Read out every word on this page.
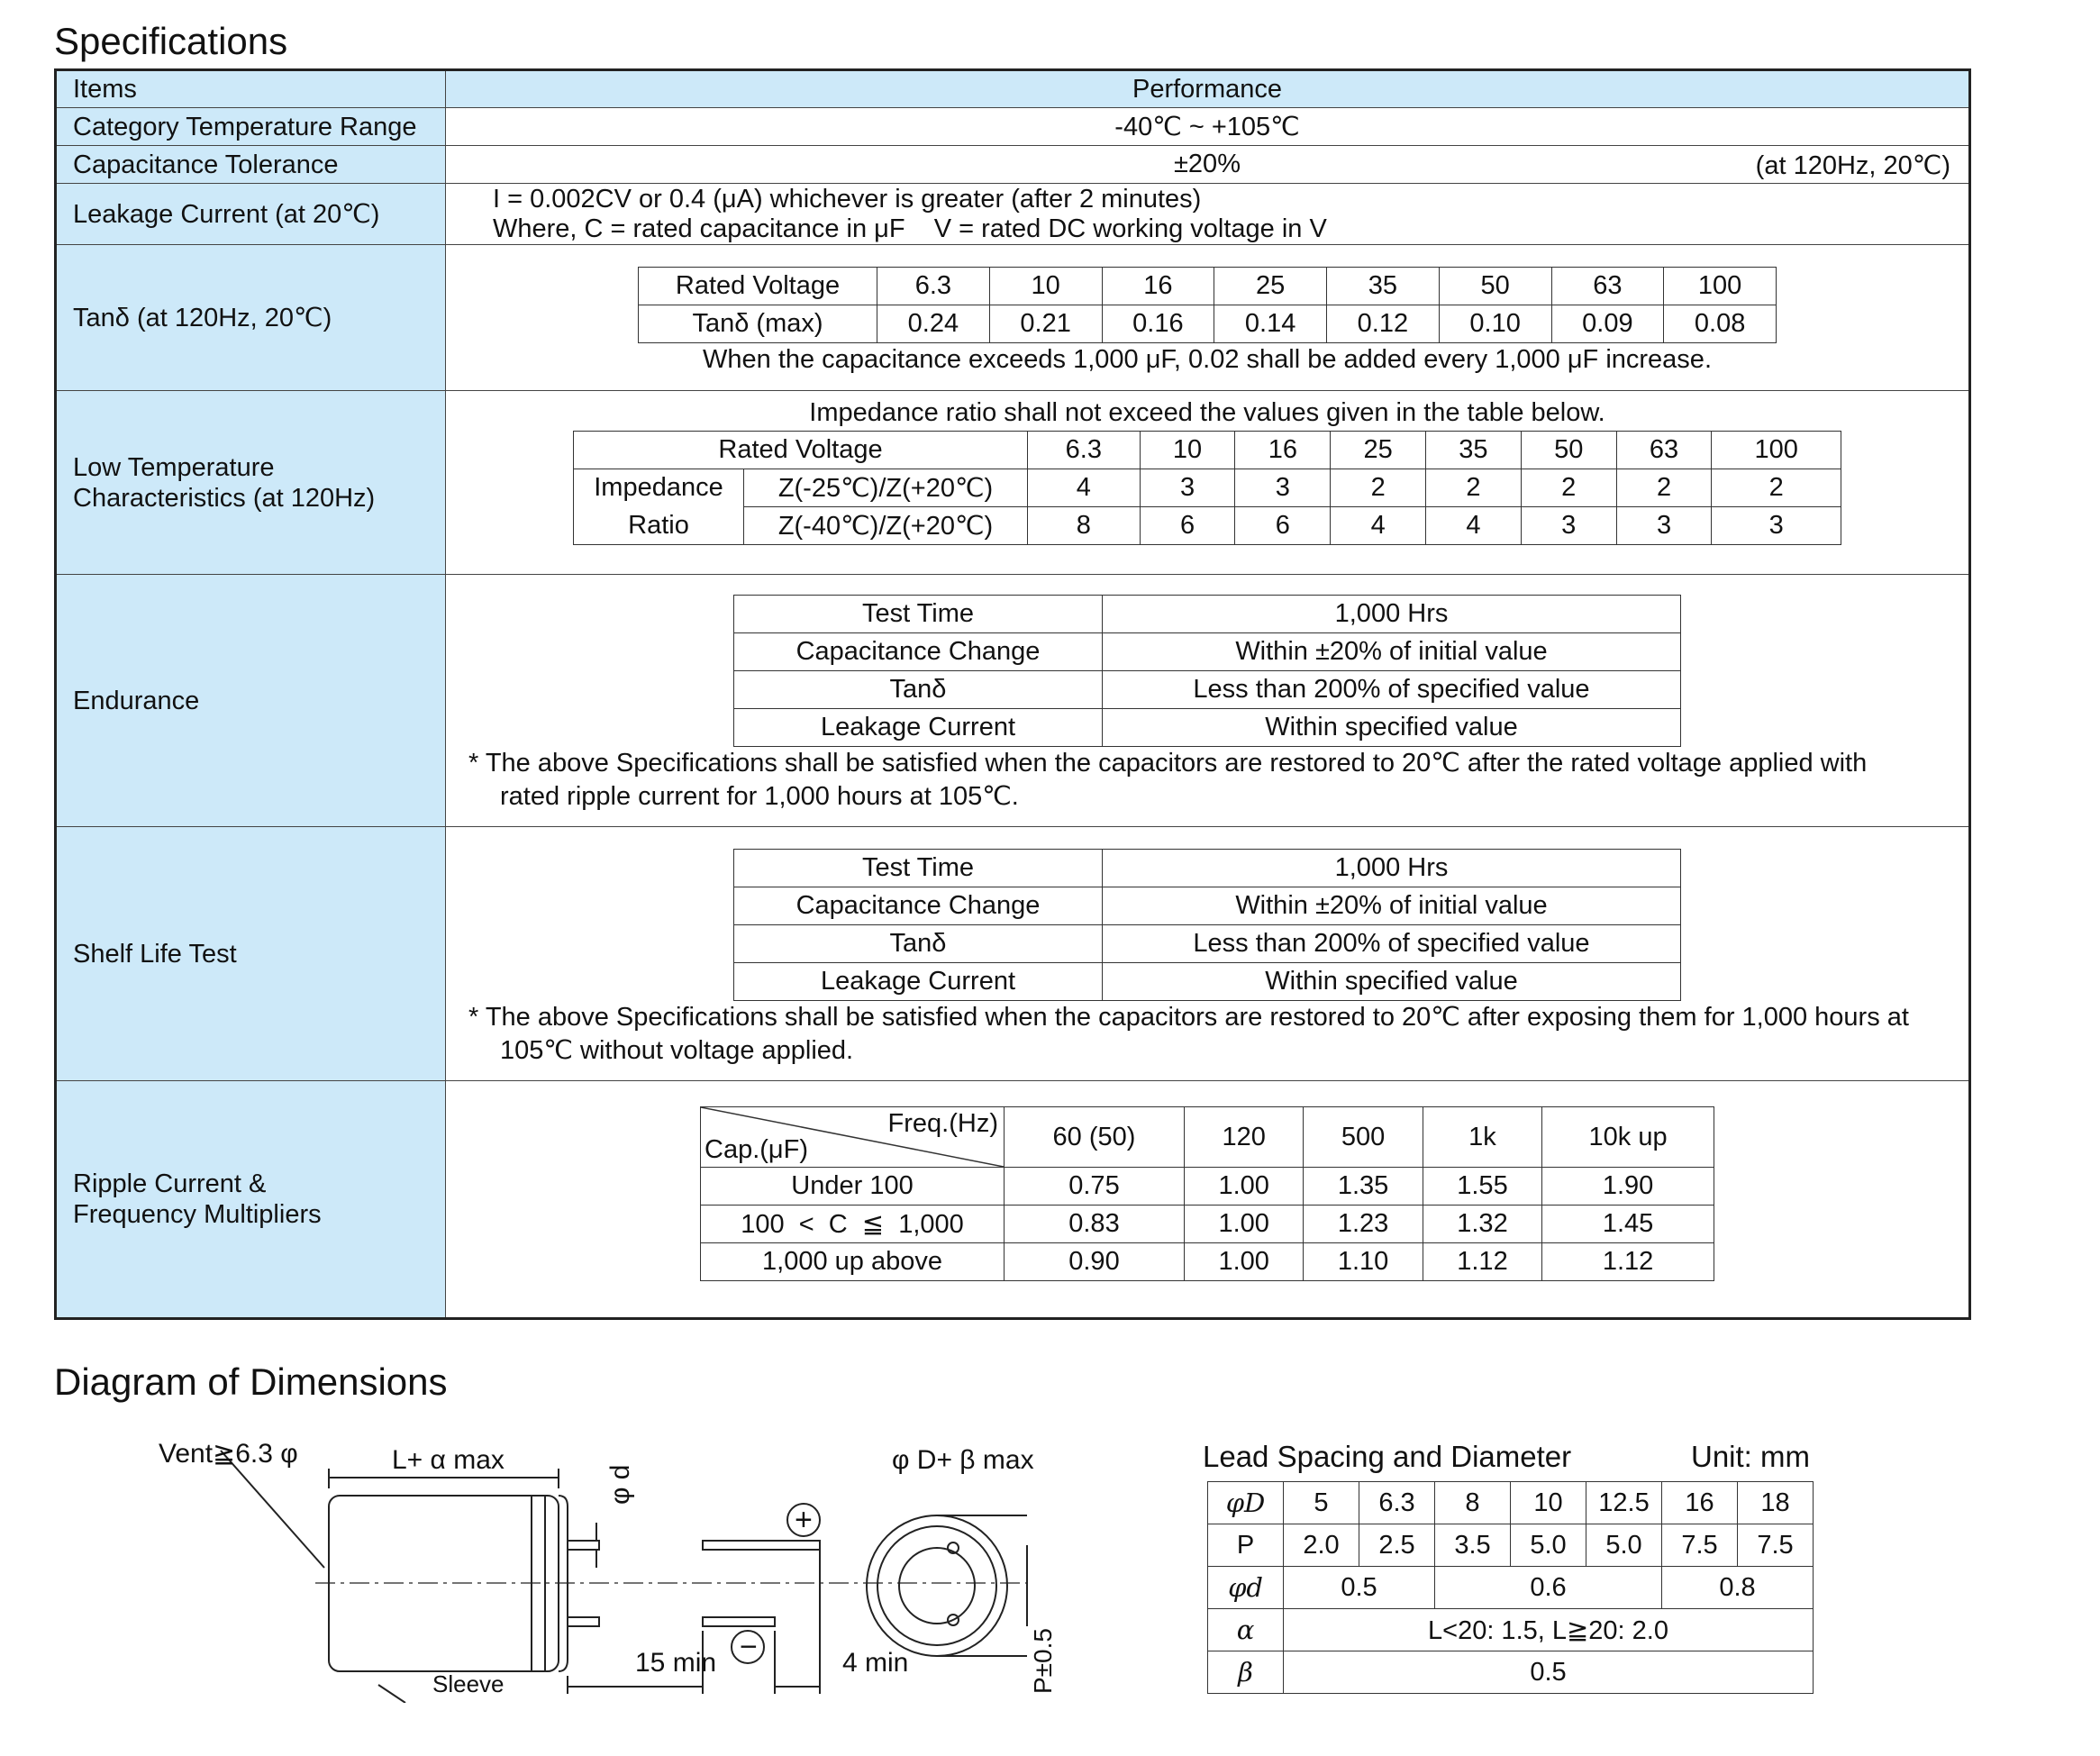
Specifications
Items	Performance
Category Temperature Range	-40℃ ~ +105℃
Capacitance Tolerance	±20%	(at 120Hz, 20℃)

Leakage Current (at 20℃)	
I = 0.002CV or 0.4 (μA) whichever is greater (after 2 minutes)
Where, C = rated capacitance in μF    V = rated DC working voltage in V

Tanδ (at 120Hz, 20℃)	
Rated Voltage	6.3	10	16	25	35	50	63	100
Tanδ (max)	0.24	0.21	0.16	0.14	0.12	0.10	0.09	0.08
When the capacitance exceeds 1,000 μF, 0.02 shall be added every 1,000 μF increase.

Low Temperature
Characteristics (at 120Hz)

Impedance ratio shall not exceed the values given in the table below.
Rated Voltage	6.3	10	16	25	35	50	63	100
Impedance	Z(-25℃)/Z(+20℃)	4	3	3	2	2	2	2	2
Ratio	Z(-40℃)/Z(+20℃)	8	6	6	4	4	3	3	3

Endurance	
Test Time	1,000 Hrs
Capacitance Change	Within ±20% of initial value
Tanδ	Less than 200% of specified value
Leakage Current	Within specified value
* The above Specifications shall be satisfied when the capacitors are restored to 20℃ after the rated voltage applied with
rated ripple current for 1,000 hours at 105℃.

Shelf Life Test	
Test Time	1,000 Hrs
Capacitance Change	Within ±20% of initial value
Tanδ	Less than 200% of specified value
Leakage Current	Within specified value
* The above Specifications shall be satisfied when the capacitors are restored to 20℃ after exposing them for 1,000 hours at
105℃ without voltage applied.

Ripple Current &
Frequency Multipliers

Freq.(Hz)
Cap.(μF)	60 (50)	120	500	1k	10k up
Under 100	0.75	1.00	1.35	1.55	1.90
100  <  C  ≦  1,000	0.83	1.00	1.23	1.32	1.45
1,000 up above	0.90	1.00	1.10	1.12	1.12
Diagram of Dimensions
Vent≧6.3 φ	L+ α max	φ D+ β max
Sleeve
15 min	4 min
+
−	P±0.5
φ d
Lead Spacing and Diameter	Unit: mm
φD	5	6.3	8	10	12.5	16	18
P	2.0	2.5	3.5	5.0	5.0	7.5	7.5
φd	0.5		0.6			0.8	
α	L<20: 1.5, L≧20: 2.0						
β	0.5						
